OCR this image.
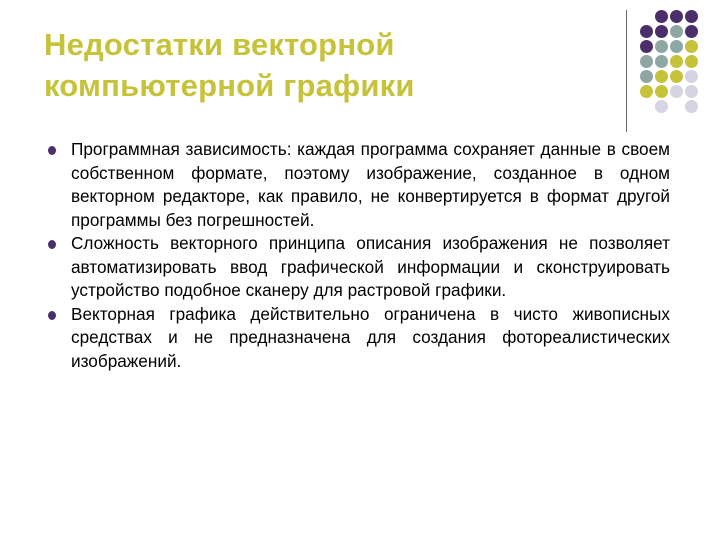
Недостатки векторной
компьютерной графики
Программная зависимость: каждая программа сохраняет данные в своем собственном формате, поэтому изображение, созданное в одном векторном редакторе, как правило, не конвертируется в формат другой программы без погрешностей.
Сложность векторного принципа описания изображения не позволяет автоматизировать ввод графической информации и сконструировать устройство подобное сканеру для растровой графики.
Векторная графика действительно ограничена в чисто живописных средствах и не предназначена для создания фотореалистических изображений.
